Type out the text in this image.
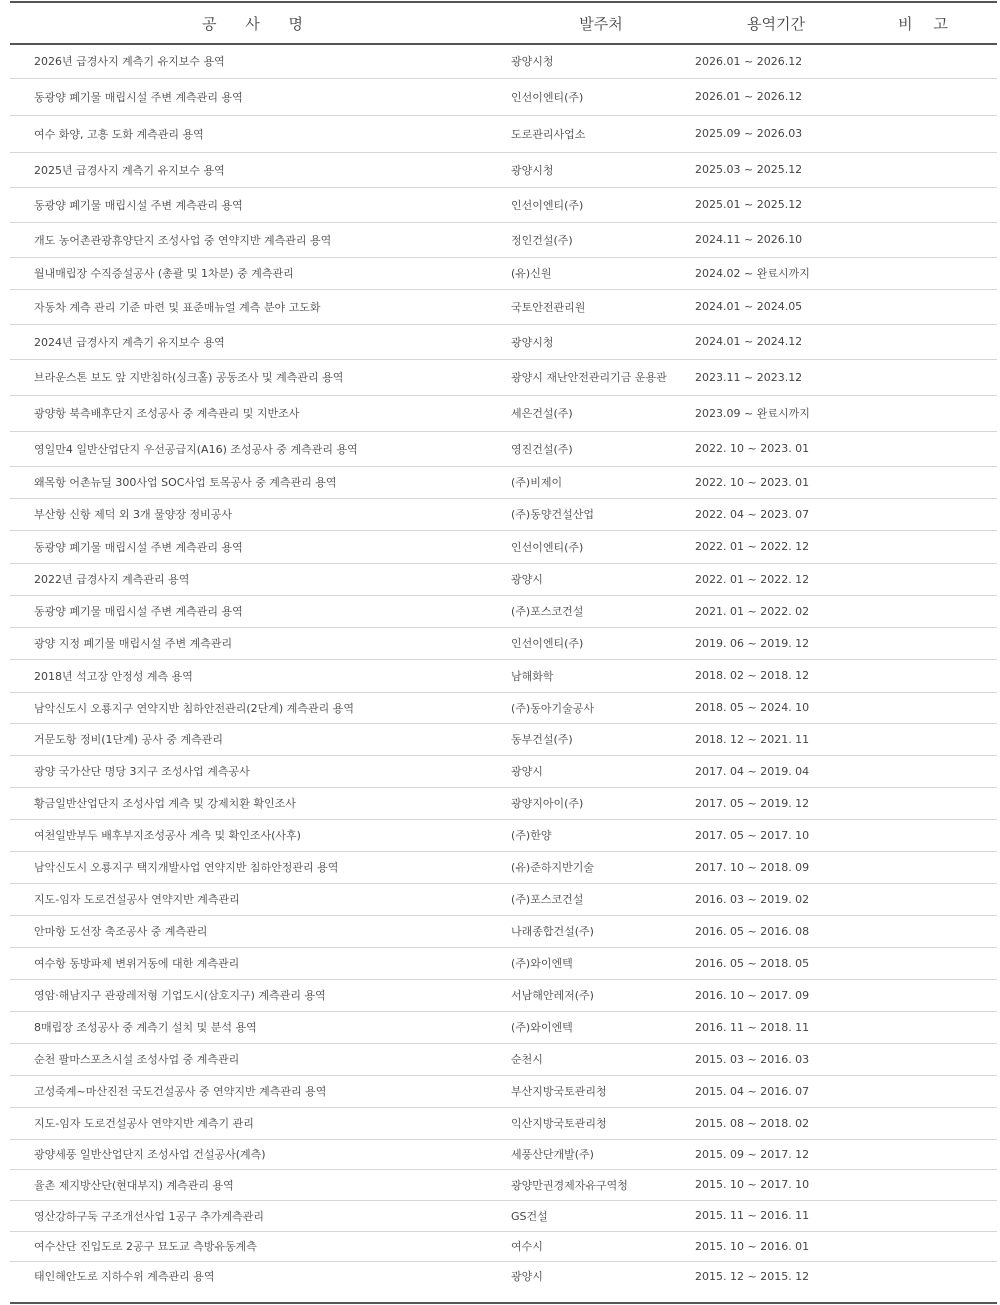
공 사 명	발주처	용역기간	비 고
2026년 급경사지 계측기 유지보수 용역	광양시청	2026.01 ~ 2026.12	
동광양 폐기물 매립시설 주변 계측관리 용역	인선이엔티(주)	2026.01 ~ 2026.12	
여수 화양, 고흥 도화 계측관리 용역	도로관리사업소	2025.09 ~ 2026.03	
2025년 급경사지 계측기 유지보수 용역	광양시청	2025.03 ~ 2025.12	
동광양 폐기물 매립시설 주변 계측관리 용역	인선이엔티(주)	2025.01 ~ 2025.12	
개도 농어촌관광휴양단지 조성사업 중 연약지반 계측관리 용역	정인건설(주)	2024.11 ~ 2026.10	
월내매립장 수직증설공사 (총괄 및 1차분) 중 계측관리	(유)신원	2024.02 ~ 완료시까지	
자동차 계측 관리 기준 마련 및 표준매뉴얼 계측 분야 고도화	국토안전관리원	2024.01 ~ 2024.05	
2024년 급경사지 계측기 유지보수 용역	광양시청	2024.01 ~ 2024.12	
브라운스톤 보도 앞 지반침하(싱크홀) 공동조사 및 계측관리 용역	광양시 재난안전관리기금 운용관	2023.11 ~ 2023.12	
광양항 북측배후단지 조성공사 중 계측관리 및 지반조사	세은건설(주)	2023.09 ~ 완료시까지	
영일만4 일반산업단지 우선공급지(A16) 조성공사 중 계측관리 용역	영진건설(주)	2022. 10 ~ 2023. 01	
왜목항 어촌뉴딜 300사업 SOC사업 토목공사 중 계측관리 용역	(주)비제이	2022. 10 ~ 2023. 01	
부산항 신항 제덕 외 3개 물양장 정비공사	(주)동양건설산업	2022. 04 ~ 2023. 07	
동광양 폐기물 매립시설 주변 계측관리 용역	인선이엔티(주)	2022. 01 ~ 2022. 12	
2022년 급경사지 계측관리 용역	광양시	2022. 01 ~ 2022. 12	
동광양 폐기물 매립시설 주변 계측관리 용역	(주)포스코건설	2021. 01 ~ 2022. 02	
광양 지정 폐기물 매립시설 주변 계측관리	인선이엔티(주)	2019. 06 ~ 2019. 12	
2018년 석고장 안정성 계측 용역	남해화학	2018. 02 ~ 2018. 12	
남악신도시 오룡지구 연약지반 침하안전관리(2단계) 계측관리 용역	(주)동아기술공사	2018. 05 ~ 2024. 10	
거문도항 정비(1단계) 공사 중 계측관리	동부건설(주)	2018. 12 ~ 2021. 11	
광양 국가산단 명당 3지구 조성사업 계측공사	광양시	2017. 04 ~ 2019. 04	
황금일반산업단지 조성사업 계측 및 강제치환 확인조사	광양지아이(주)	2017. 05 ~ 2019. 12	
여천일반부두 배후부지조성공사 계측 및 확인조사(사후)	(주)한양	2017. 05 ~ 2017. 10	
남악신도시 오룡지구 택지개발사업 연약지반 침하안정관리 용역	(유)준하지반기술	2017. 10 ~ 2018. 09	
지도-임자 도로건설공사 연약지반 계측관리	(주)포스코건설	2016. 03 ~ 2019. 02	
안마항 도선장 축조공사 중 계측관리	나래종합건설(주)	2016. 05 ~ 2016. 08	
여수항 동방파제 변위거동에 대한 계측관리	(주)와이엔텍	2016. 05 ~ 2018. 05	
영암·해남지구 관광레저형 기업도시(삼호지구) 계측관리 용역	서남해안레저(주)	2016. 10 ~ 2017. 09	
8매립장 조성공사 중 계측기 설치 및 분석 용역	(주)와이엔텍	2016. 11 ~ 2018. 11	
순천 팔마스포츠시설 조성사업 중 계측관리	순천시	2015. 03 ~ 2016. 03	
고성죽계~마산진전 국도건설공사 중 연약지반 계측관리 용역	부산지방국토관리청	2015. 04 ~ 2016. 07	
지도-임자 도로건설공사 연약지반 계측기 관리	익산지방국토관리청	2015. 08 ~ 2018. 02	
광양세풍 일반산업단지 조성사업 건설공사(계측)	세풍산단개발(주)	2015. 09 ~ 2017. 12	
율촌 제지방산단(현대부지) 계측관리 용역	광양만권경제자유구역청	2015. 10 ~ 2017. 10	
영산강하구둑 구조개선사업 1공구 추가계측관리	GS건설	2015. 11 ~ 2016. 11	
여수산단 진입도로 2공구 묘도교 측방유동계측	여수시	2015. 10 ~ 2016. 01	
태인해안도로 지하수위 계측관리 용역	광양시	2015. 12 ~ 2015. 12	
